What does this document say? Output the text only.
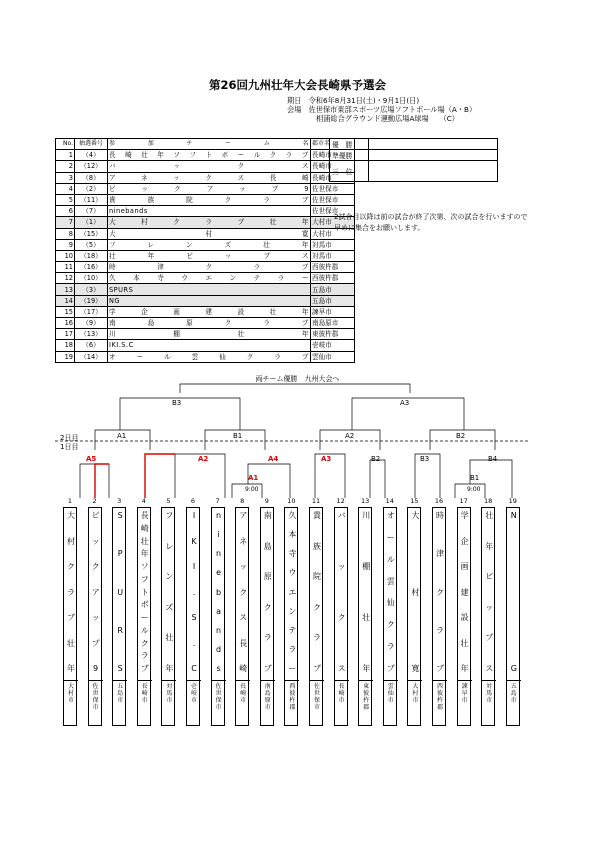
第26回九州壮年大会長崎県予選会
期日　 令和6年8月31日(土)・9月1日(日)
会場　 佐世保市東部スポーツ広場ソフトボール場（A・B）
相浦総合グラウンド運動広場A球場　　 （C）
No.	抽選番号	参加チーム名	郡市名
1	（4）	長崎壮年ソフトボールクラブ	長崎市
2	（12）	バックス	長崎市
3	（8）	アネックス長崎	長崎市
4	（2）	ビックアップ9	佐世保市
5	（11）	貴族院クラブ	佐世保市
6	（7）	ninebands	佐世保市
7	（1）	大村クラブ壮年	大村市
8	（15）	大村寛	大村市
9	（5）	フレンズ壮年	対馬市
10	（18）	壮年ビップス	対馬市
11	（16）	時津クラブ	西彼杵郡
12	（10）	久本寺ウエンテラー	西彼杵郡
13	（3）	SPURS	五島市
14	（19）	NG	五島市
15	（17）	学企画建設壮年	諫早市
16	（9）	南島原クラブ	南島原市
17	（13）	川棚壮年	東彼杵郡
18	（6）	IKI.S.C	壱岐市
19	（14）	オール雲仙クラブ	雲仙市
優　勝	
準優勝	
三　位	
2試合目以降は前の試合が終了次第、次の試合を行いますので早めに集合をお願いします。
両チーム優勝　九州大会へ
2日目
1日目
B3	A3
A1	B1	A2	B2
A5	A2	A4	A3	B2	B3	B4
A1
9:00
B1
9:00
1
大
村
ク
ラ
ブ
壮
年
大
村
市
2
ビ
ッ
ク
ア
ッ
プ
9
佐
世
保
市
3
S
P
U
R
S
五
島
市
4
長
崎
壮
年
ソ
フ
ト
ボ
ー
ル
ク
ラ
ブ
長
崎
市
5
フ
レ
ン
ズ
壮
年
対
馬
市
6
I
K
I
.
S
.
C
壱
岐
市
7
n
i
n
e
b
a
n
d
s
佐
世
保
市
8
ア
ネ
ッ
ク
ス
長
崎
長
崎
市
9
南
島
原
ク
ラ
ブ
南
島
原
市
10
久
本
寺
ウ
エ
ン
テ
ラ
ー
西
彼
杵
郡
11
貴
族
院
ク
ラ
ブ
佐
世
保
市
12
バ
ッ
ク
ス
長
崎
市
13
川
棚
壮
年
東
彼
杵
郡
14
オ
ー
ル
雲
仙
ク
ラ
ブ
雲
仙
市
15
大
村
寛
大
村
市
16
時
津
ク
ラ
ブ
西
彼
杵
郡
17
学
企
画
建
設
壮
年
諫
早
市
18
壮
年
ビ
ッ
プ
ス
対
馬
市
19
N
G
五
島
市
